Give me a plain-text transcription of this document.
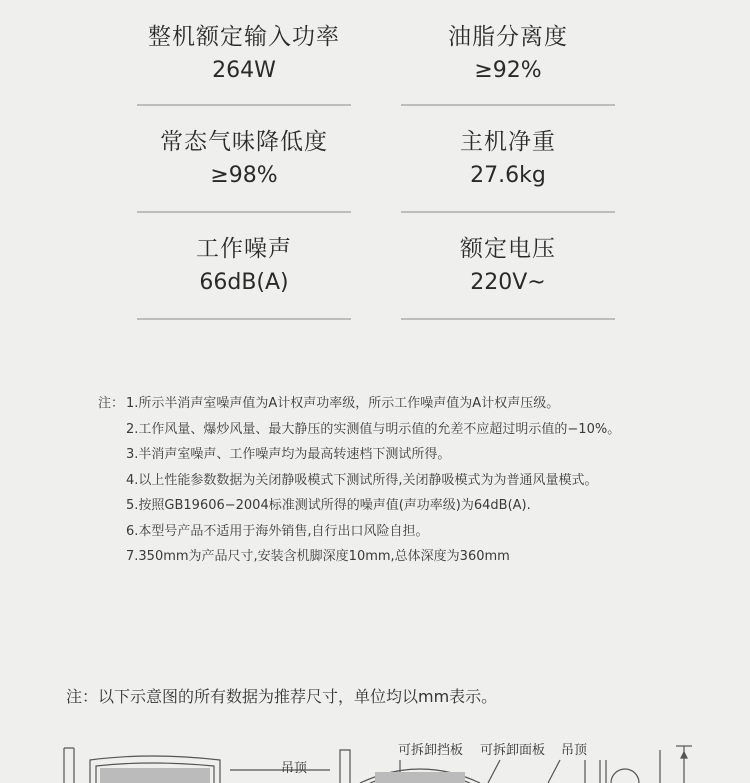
整机额定输入功率
264W
油脂分离度
≥92%
常态气味降低度
≥98%
主机净重
27.6kg
工作噪声
66dB(A)
额定电压
220V~
注： 1.所示半消声室噪声值为A计权声功率级，所示工作噪声值为A计权声压级。
2.工作风量、爆炒风量、最大静压的实测值与明示值的允差不应超过明示值的−10%。
3.半消声室噪声、工作噪声均为最高转速档下测试所得。
4.以上性能参数数据为关闭静吸模式下测试所得,关闭静吸模式为为普通风量模式。
5.按照GB19606−2004标准测试所得的噪声值(声功率级)为64dB(A).
6.本型号产品不适用于海外销售,自行出口风险自担。
7.350mm为产品尺寸,安装含机脚深度10mm,总体深度为360mm
注：以下示意图的所有数据为推荐尺寸，单位均以mm表示。
吊顶
可拆卸挡板 可拆卸面板 吊顶
